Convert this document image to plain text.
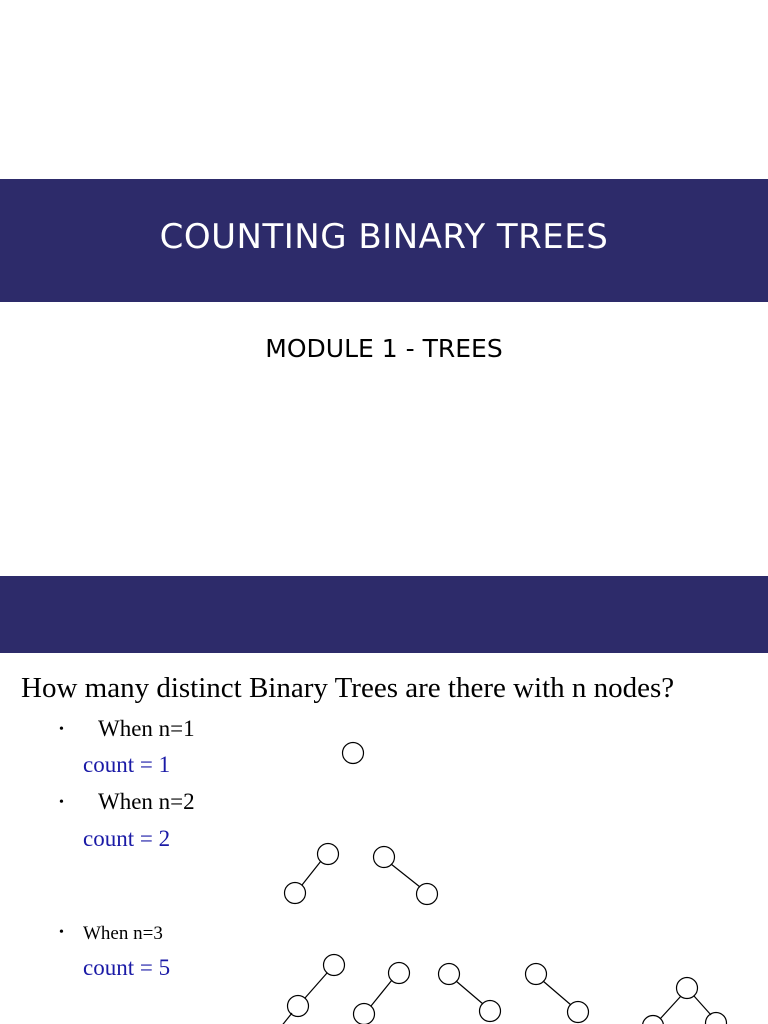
COUNTING BINARY TREES
MODULE 1 - TREES
How many distinct Binary Trees are there with n nodes?
• When n=1
count = 1
• When n=2
count = 2
• When n=3
count = 5
